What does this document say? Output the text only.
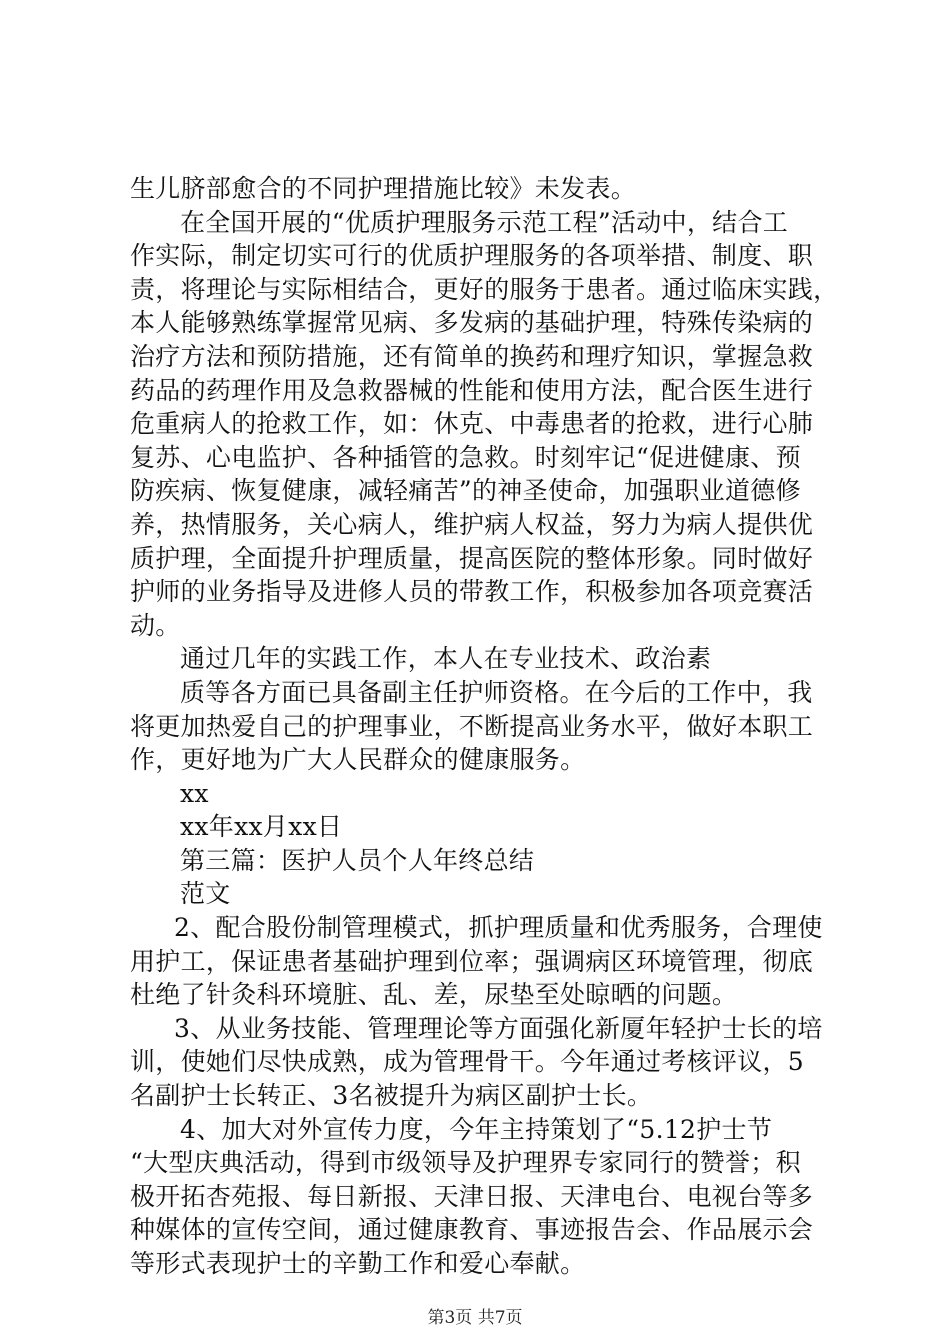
生儿脐部愈合的不同护理措施比较》未发表。
在全国开展的“优质护理服务示范工程”活动中，结合工
作实际，制定切实可行的优质护理服务的各项举措、制度、职
责，将理论与实际相结合，更好的服务于患者。通过临床实践，
本人能够熟练掌握常见病、多发病的基础护理，特殊传染病的
治疗方法和预防措施，还有简单的换药和理疗知识，掌握急救
药品的药理作用及急救器械的性能和使用方法，配合医生进行
危重病人的抢救工作，如：休克、中毒患者的抢救，进行心肺
复苏、心电监护、各种插管的急救。时刻牢记“促进健康、预
防疾病、恢复健康，减轻痛苦”的神圣使命，加强职业道德修
养，热情服务，关心病人，维护病人权益，努力为病人提供优
质护理，全面提升护理质量，提高医院的整体形象。同时做好
护师的业务指导及进修人员的带教工作，积极参加各项竞赛活
动。
通过几年的实践工作，本人在专业技术、政治素
质等各方面已具备副主任护师资格。在今后的工作中，我
将更加热爱自己的护理事业，不断提高业务水平，做好本职工
作，更好地为广大人民群众的健康服务。
xx
xx年xx月xx日
第三篇：医护人员个人年终总结
范文
2、配合股份制管理模式，抓护理质量和优秀服务，合理使
用护工，保证患者基础护理到位率；强调病区环境管理，彻底
杜绝了针灸科环境脏、乱、差，尿垫至处晾晒的问题。
3、从业务技能、管理理论等方面强化新厦年轻护士长的培
训，使她们尽快成熟，成为管理骨干。今年通过考核评议，5
名副护士长转正、3名被提升为病区副护士长。
4、加大对外宣传力度，今年主持策划了“5.12护士节
“大型庆典活动，得到市级领导及护理界专家同行的赞誉；积
极开拓杏苑报、每日新报、天津日报、天津电台、电视台等多
种媒体的宣传空间，通过健康教育、事迹报告会、作品展示会
等形式表现护士的辛勤工作和爱心奉献。
第3页 共7页
